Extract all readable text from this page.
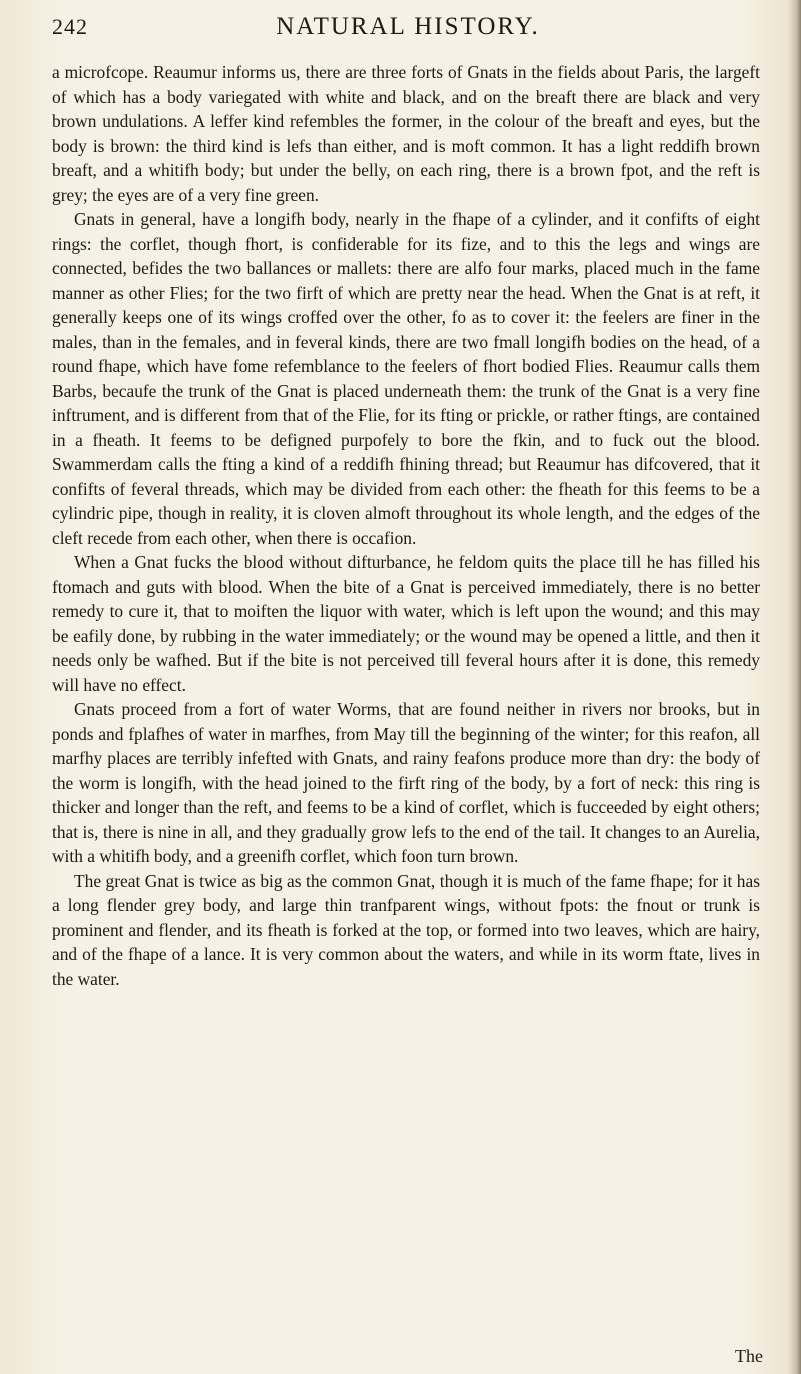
242	NATURAL HISTORY.

a microfcope. Reaumur informs us, there are three forts of Gnats in the fields about Paris, the largeft of which has a body variegated with white and black, and on the breaft there are black and very brown undulations. A leffer kind refembles the former, in the colour of the breaft and eyes, but the body is brown: the third kind is lefs than either, and is moft common. It has a light reddifh brown breaft, and a whitifh body; but under the belly, on each ring, there is a brown fpot, and the reft is grey; the eyes are of a very fine green.

Gnats in general, have a longifh body, nearly in the fhape of a cylinder, and it confifts of eight rings: the corflet, though fhort, is confiderable for its fize, and to this the legs and wings are connected, befides the two ballances or mallets: there are alfo four marks, placed much in the fame manner as other Flies; for the two firft of which are pretty near the head. When the Gnat is at reft, it generally keeps one of its wings croffed over the other, fo as to cover it: the feelers are finer in the males, than in the females, and in feveral kinds, there are two fmall longifh bodies on the head, of a round fhape, which have fome refemblance to the feelers of fhort bodied Flies. Reaumur calls them Barbs, becaufe the trunk of the Gnat is placed underneath them: the trunk of the Gnat is a very fine inftrument, and is different from that of the Flie, for its fting or prickle, or rather ftings, are contained in a fheath. It feems to be defigned purpofely to bore the fkin, and to fuck out the blood. Swammerdam calls the fting a kind of a reddifh fhining thread; but Reaumur has difcovered, that it confifts of feveral threads, which may be divided from each other: the fheath for this feems to be a cylindric pipe, though in reality, it is cloven almoft throughout its whole length, and the edges of the cleft recede from each other, when there is occafion.

When a Gnat fucks the blood without difturbance, he feldom quits the place till he has filled his ftomach and guts with blood. When the bite of a Gnat is perceived immediately, there is no better remedy to cure it, that to moiften the liquor with water, which is left upon the wound; and this may be eafily done, by rubbing in the water immediately; or the wound may be opened a little, and then it needs only be wafhed. But if the bite is not perceived till feveral hours after it is done, this remedy will have no effect.

Gnats proceed from a fort of water Worms, that are found neither in rivers nor brooks, but in ponds and fplafhes of water in marfhes, from May till the beginning of the winter; for this reafon, all marfhy places are terribly infefted with Gnats, and rainy feafons produce more than dry: the body of the worm is longifh, with the head joined to the firft ring of the body, by a fort of neck: this ring is thicker and longer than the reft, and feems to be a kind of corflet, which is fucceeded by eight others; that is, there is nine in all, and they gradually grow lefs to the end of the tail. It changes to an Aurelia, with a whitifh body, and a greenifh corflet, which foon turn brown.

The great Gnat is twice as big as the common Gnat, though it is much of the fame fhape; for it has a long flender grey body, and large thin tranfparent wings, without fpots: the fnout or trunk is prominent and flender, and its fheath is forked at the top, or formed into two leaves, which are hairy, and of the fhape of a lance. It is very common about the waters, and while in its worm ftate, lives in the water.

The
